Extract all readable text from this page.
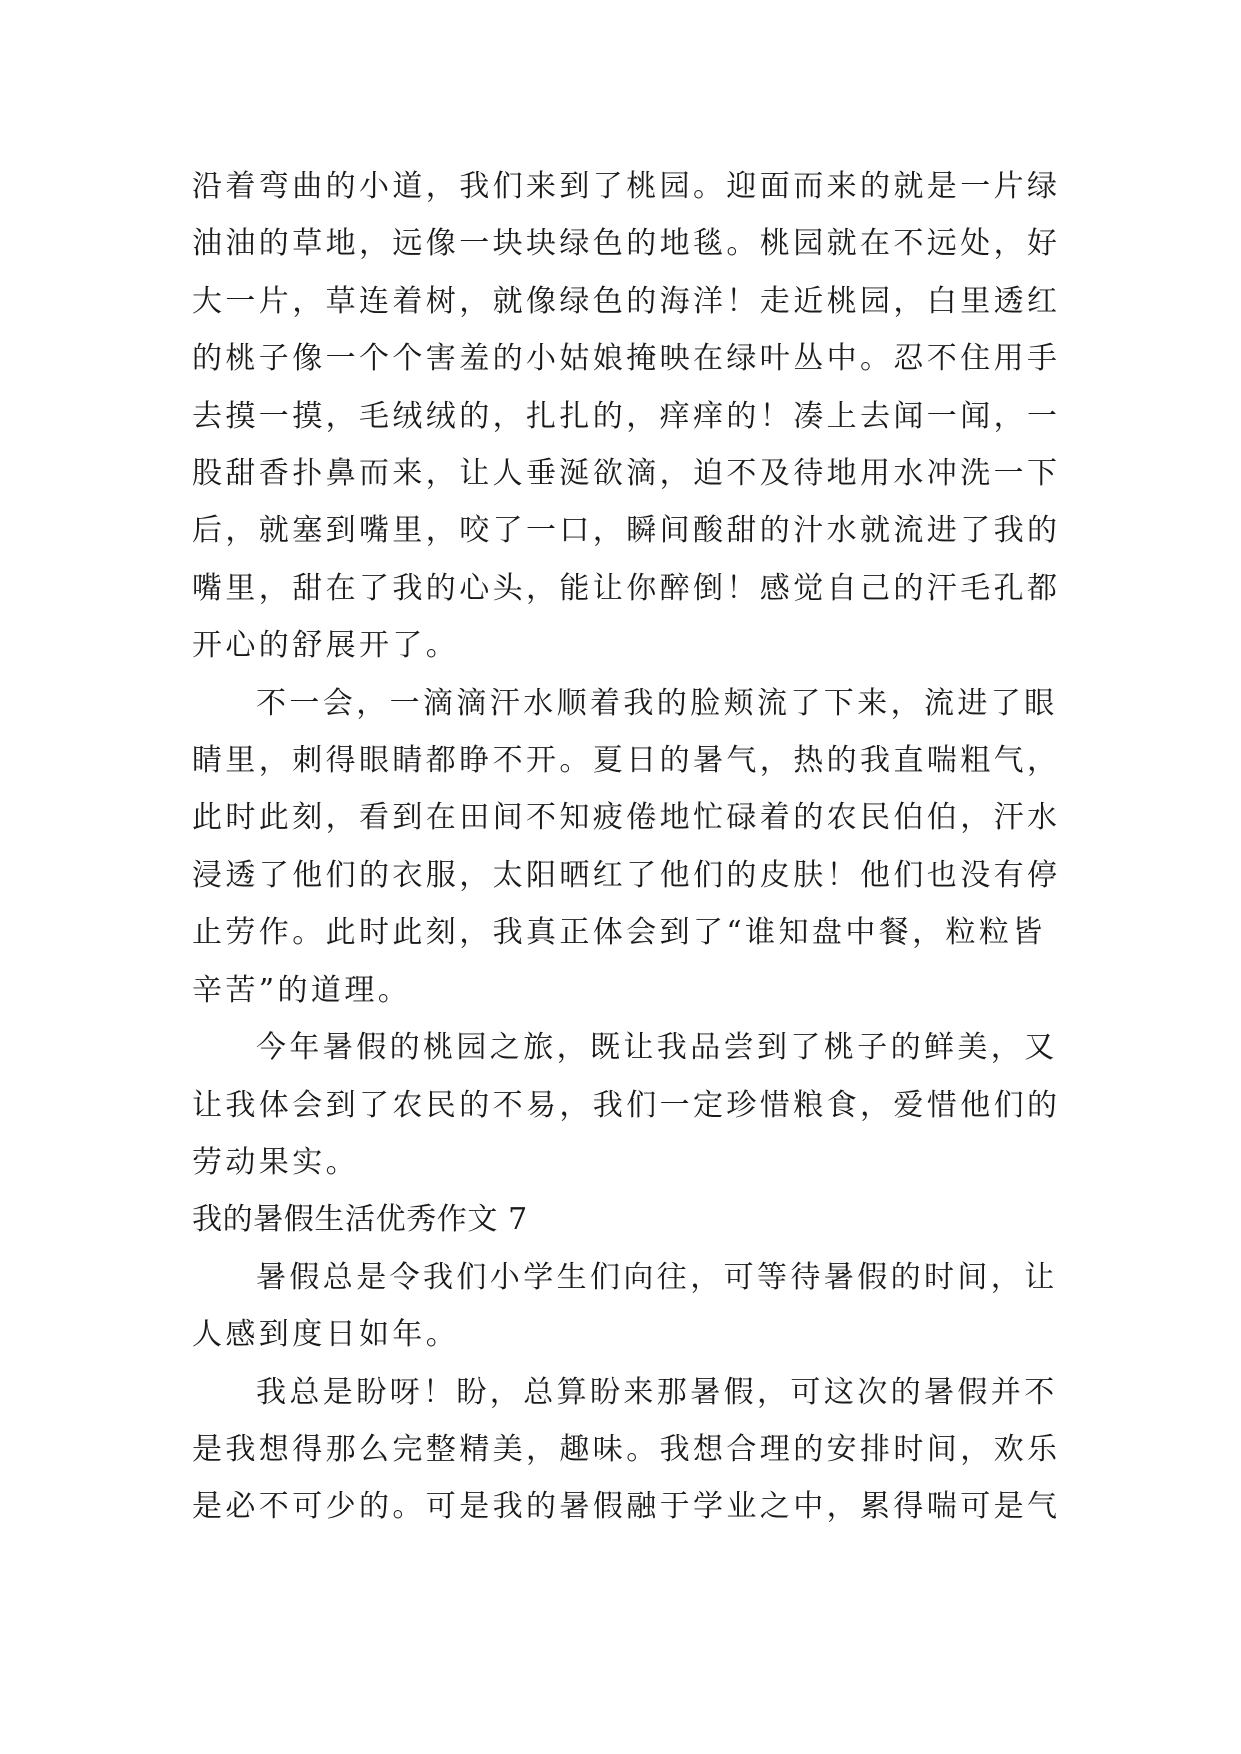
沿着弯曲的小道，我们来到了桃园。迎面而来的就是一片绿油油的草地，远像一块块绿色的地毯。桃园就在不远处，好大一片，草连着树，就像绿色的海洋！走近桃园，白里透红的桃子像一个个害羞的小姑娘掩映在绿叶丛中。忍不住用手去摸一摸，毛绒绒的，扎扎的，痒痒的！凑上去闻一闻，一股甜香扑鼻而来，让人垂涎欲滴，迫不及待地用水冲洗一下后，就塞到嘴里，咬了一口，瞬间酸甜的汁水就流进了我的嘴里，甜在了我的心头，能让你醉倒！感觉自己的汗毛孔都开心的舒展开了。

不一会，一滴滴汗水顺着我的脸颊流了下来，流进了眼睛里，刺得眼睛都睁不开。夏日的暑气，热的我直喘粗气，此时此刻，看到在田间不知疲倦地忙碌着的农民伯伯，汗水浸透了他们的衣服，太阳晒红了他们的皮肤！他们也没有停止劳作。此时此刻，我真正体会到了“谁知盘中餐，粒粒皆辛苦”的道理。

今年暑假的桃园之旅，既让我品尝到了桃子的鲜美，又让我体会到了农民的不易，我们一定珍惜粮食，爱惜他们的劳动果实。

我的暑假生活优秀作文 7

暑假总是令我们小学生们向往，可等待暑假的时间，让人感到度日如年。

我总是盼呀！盼，总算盼来那暑假，可这次的暑假并不是我想得那么完整精美，趣味。我想合理的安排时间，欢乐是必不可少的。可是我的暑假融于学业之中，累得喘可是气
